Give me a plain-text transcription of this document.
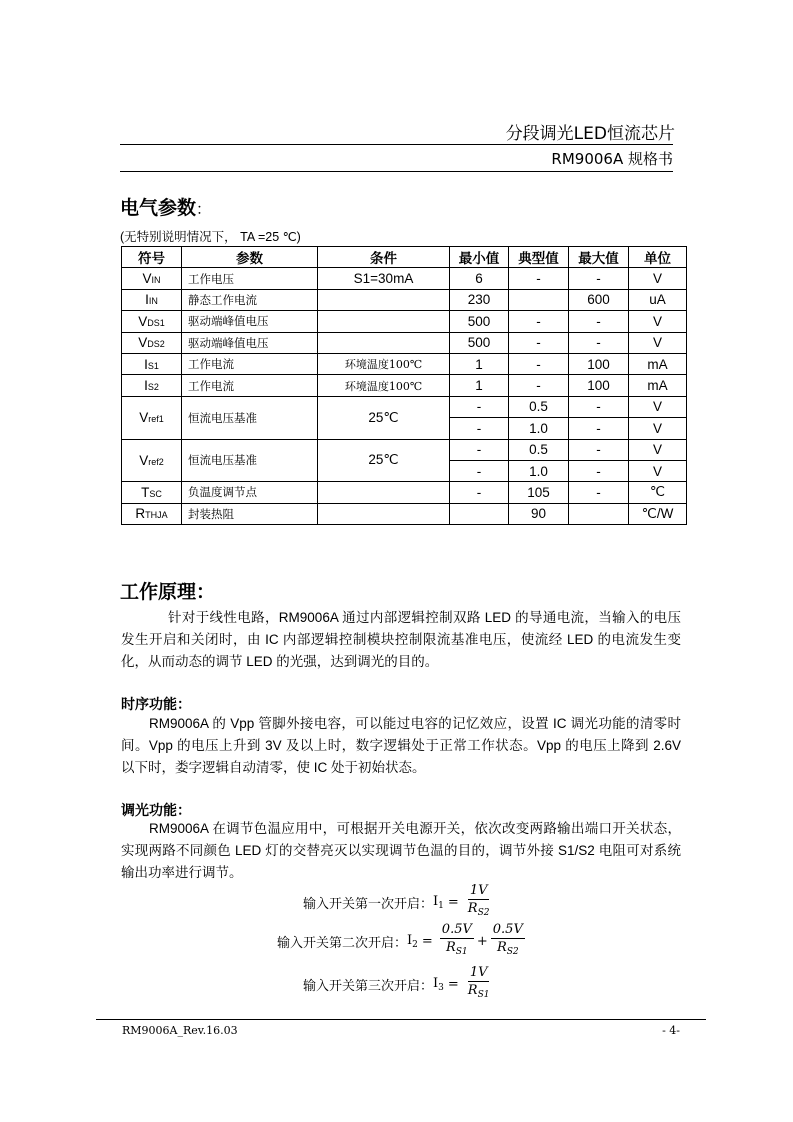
分段调光LED恒流芯片
RM9006A 规格书
电气参数：
(无特别说明情况下， TA =25 ℃)
符号	参数	条件	最小值	典型值	最大值	单位
VIN	工作电压	S1=30mA	6	-	-	V
IIN	静态工作电流		230		600	uA
VDS1	驱动端峰值电压		500	-	-	V
VDS2	驱动端峰值电压		500	-	-	V
IS1	工作电流	环境温度100℃	1	-	100	mA
IS2	工作电流	环境温度100℃	1	-	100	mA
Vref1	恒流电压基准	25℃	-	0.5	-	V
			-	1.0	-	V
Vref2	恒流电压基准	25℃	-	0.5	-	V
			-	1.0	-	V
TSC	负温度调节点		-	105	-	℃
RTHJA	封装热阻			90		℃/W
工作原理：
针对于线性电路，RM9006A 通过内部逻辑控制双路 LED 的导通电流，当输入的电压发生开启和关闭时，由 IC 内部逻辑控制模块控制限流基准电压，使流经 LED 的电流发生变化，从而动态的调节 LED 的光强，达到调光的目的。
时序功能：
RM9006A 的 Vpp 管脚外接电容，可以能过电容的记忆效应，设置 IC 调光功能的清零时间。Vpp 的电压上升到 3V 及以上时，数字逻辑处于正常工作状态。Vpp 的电压上降到 2.6V 以下时，娄字逻辑自动清零，使 IC 处于初始状态。
调光功能：
RM9006A 在调节色温应用中，可根据开关电源开关，依次改变两路输出端口开关状态，实现两路不同颜色 LED 灯的交替亮灭以实现调节色温的目的，调节外接 S1/S2 电阻可对系统输出功率进行调节。
输入开关第一次开启： $I_1 = \frac{1V}{R_{S2}}$
输入开关第二次开启： $I_2 = \frac{0.5V}{R_{S1}} + \frac{0.5V}{R_{S2}}$
输入开关第三次开启： $I_3 = \frac{1V}{R_{S1}}$
RM9006A_Rev.16.03	- 4-
